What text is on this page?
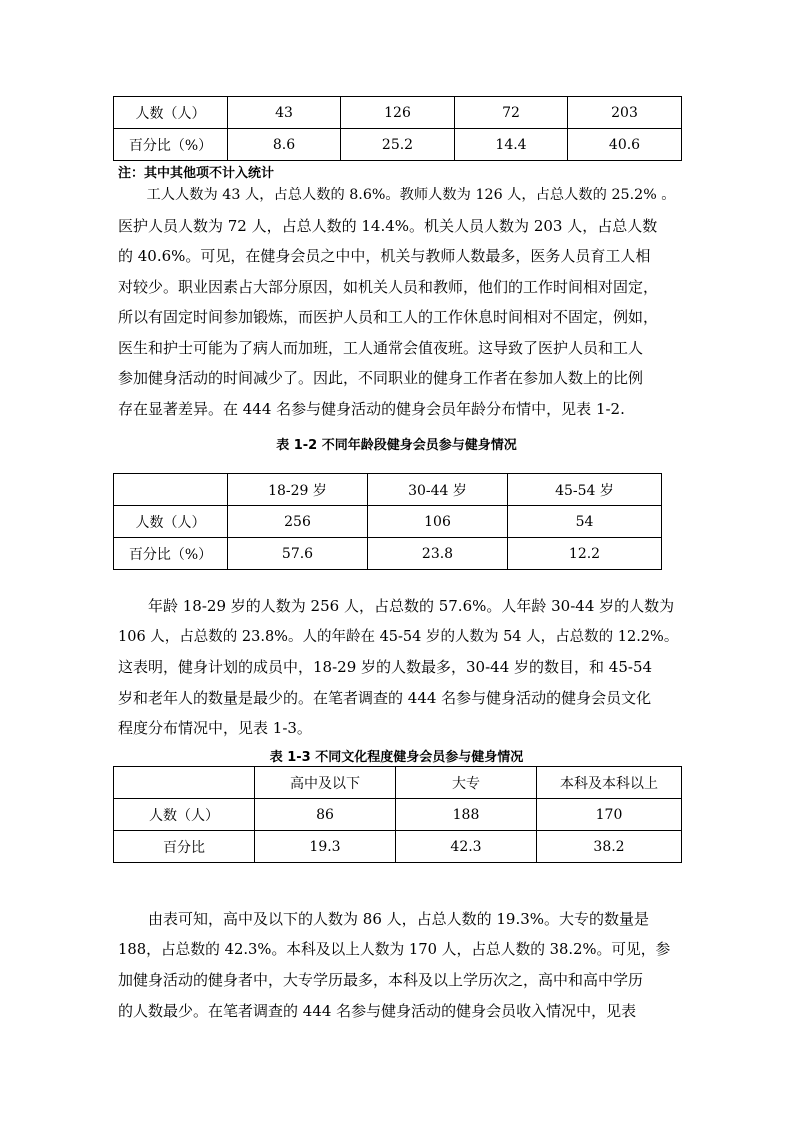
人数（人）	43	126	72	203
百分比（%）	8.6	25.2	14.4	40.6
注：其中其他项不计入统计
　　工人人数为 43 人，占总人数的 8.6%。教师人数为 126 人，占总人数的 25.2% 。
医护人员人数为 72 人，占总人数的 14.4%。机关人员人数为 203 人，占总人数
的 40.6%。可见，在健身会员之中中，机关与教师人数最多，医务人员育工人相
对较少。职业因素占大部分原因，如机关人员和教师，他们的工作时间相对固定，
所以有固定时间参加锻炼，而医护人员和工人的工作休息时间相对不固定，例如，
医生和护士可能为了病人而加班，工人通常会值夜班。这导致了医护人员和工人
参加健身活动的时间减少了。因此，不同职业的健身工作者在参加人数上的比例
存在显著差异。在 444 名参与健身活动的健身会员年龄分布情中，见表 1-2.
表 1-2 不同年龄段健身会员参与健身情况
	18-29 岁	30-44 岁	45-54 岁
人数（人）	256	106	54
百分比（%）	57.6	23.8	12.2
　　年龄 18-29 岁的人数为 256 人，占总数的 57.6%。人年龄 30-44 岁的人数为
106 人，占总数的 23.8%。人的年龄在 45-54 岁的人数为 54 人，占总数的 12.2%。
这表明，健身计划的成员中，18-29 岁的人数最多，30-44 岁的数目，和 45-54
岁和老年人的数量是最少的。在笔者调查的 444 名参与健身活动的健身会员文化
程度分布情况中，见表 1-3。
表 1-3 不同文化程度健身会员参与健身情况
	高中及以下	大专	本科及本科以上
人数（人）	86	188	170
百分比	19.3	42.3	38.2
　　由表可知，高中及以下的人数为 86 人，占总人数的 19.3%。大专的数量是
188，占总数的 42.3%。本科及以上人数为 170 人，占总人数的 38.2%。可见，参
加健身活动的健身者中，大专学历最多，本科及以上学历次之，高中和高中学历
的人数最少。在笔者调查的 444 名参与健身活动的健身会员收入情况中，见表
